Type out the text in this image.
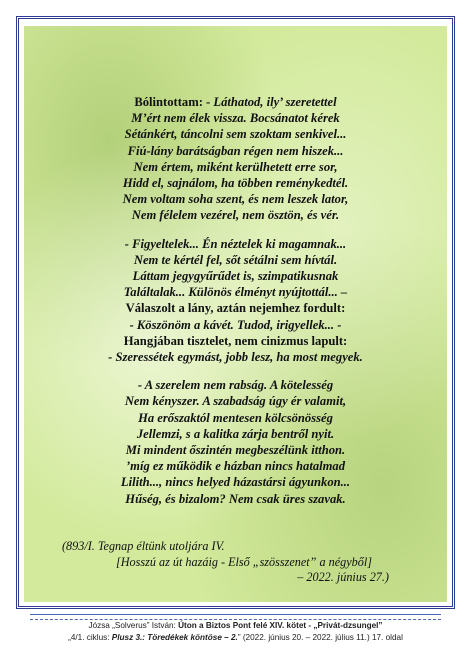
Bólintottam: - Láthatod, ily’ szeretettel

M’ért nem élek vissza. Bocsánatot kérek

Sétánkért, táncolni sem szoktam senkivel...

Fiú-lány barátságban régen nem hiszek...

Nem értem, miként kerülhetett erre sor,

Hidd el, sajnálom, ha többen reménykedtél.

Nem voltam soha szent, és nem leszek lator,

Nem félelem vezérel, nem ösztön, és vér.

- Figyeltelek... Én néztelek ki magamnak...

Nem te kértél fel, sőt sétálni sem hívtál.

Láttam jegygyűrűdet is, szimpatikusnak

Találtalak... Különös élményt nyújtottál... –

Válaszolt a lány, aztán nejemhez fordult:

- Köszönöm a kávét. Tudod, irigyellek... -

Hangjában tisztelet, nem cinizmus lapult:

- Szeressétek egymást, jobb lesz, ha most megyek.

- A szerelem nem rabság. A kötelesség

Nem kényszer. A szabadság úgy ér valamit,

Ha erőszaktól mentesen kölcsönösség

Jellemzi, s a kalitka zárja bentről nyit.

Mi mindent őszintén megbeszélünk itthon.

’míg ez működik e házban nincs hatalmad

Lilith..., nincs helyed házastársi ágyunkon...

Hűség, és bizalom? Nem csak üres szavak.

(893/I. Tegnap éltünk utoljára IV.

[Hosszú az út hazáig - Első „szösszenet” a négyből]

– 2022. június 27.)

Józsa „Solverus” István: Úton a Biztos Pont felé XIV. kötet - „Privát-dzsungel”

„4/1. ciklus: Plusz 3.: Töredékek köntöse – 2.” (2022. június 20. – 2022. július 11.) 17. oldal
